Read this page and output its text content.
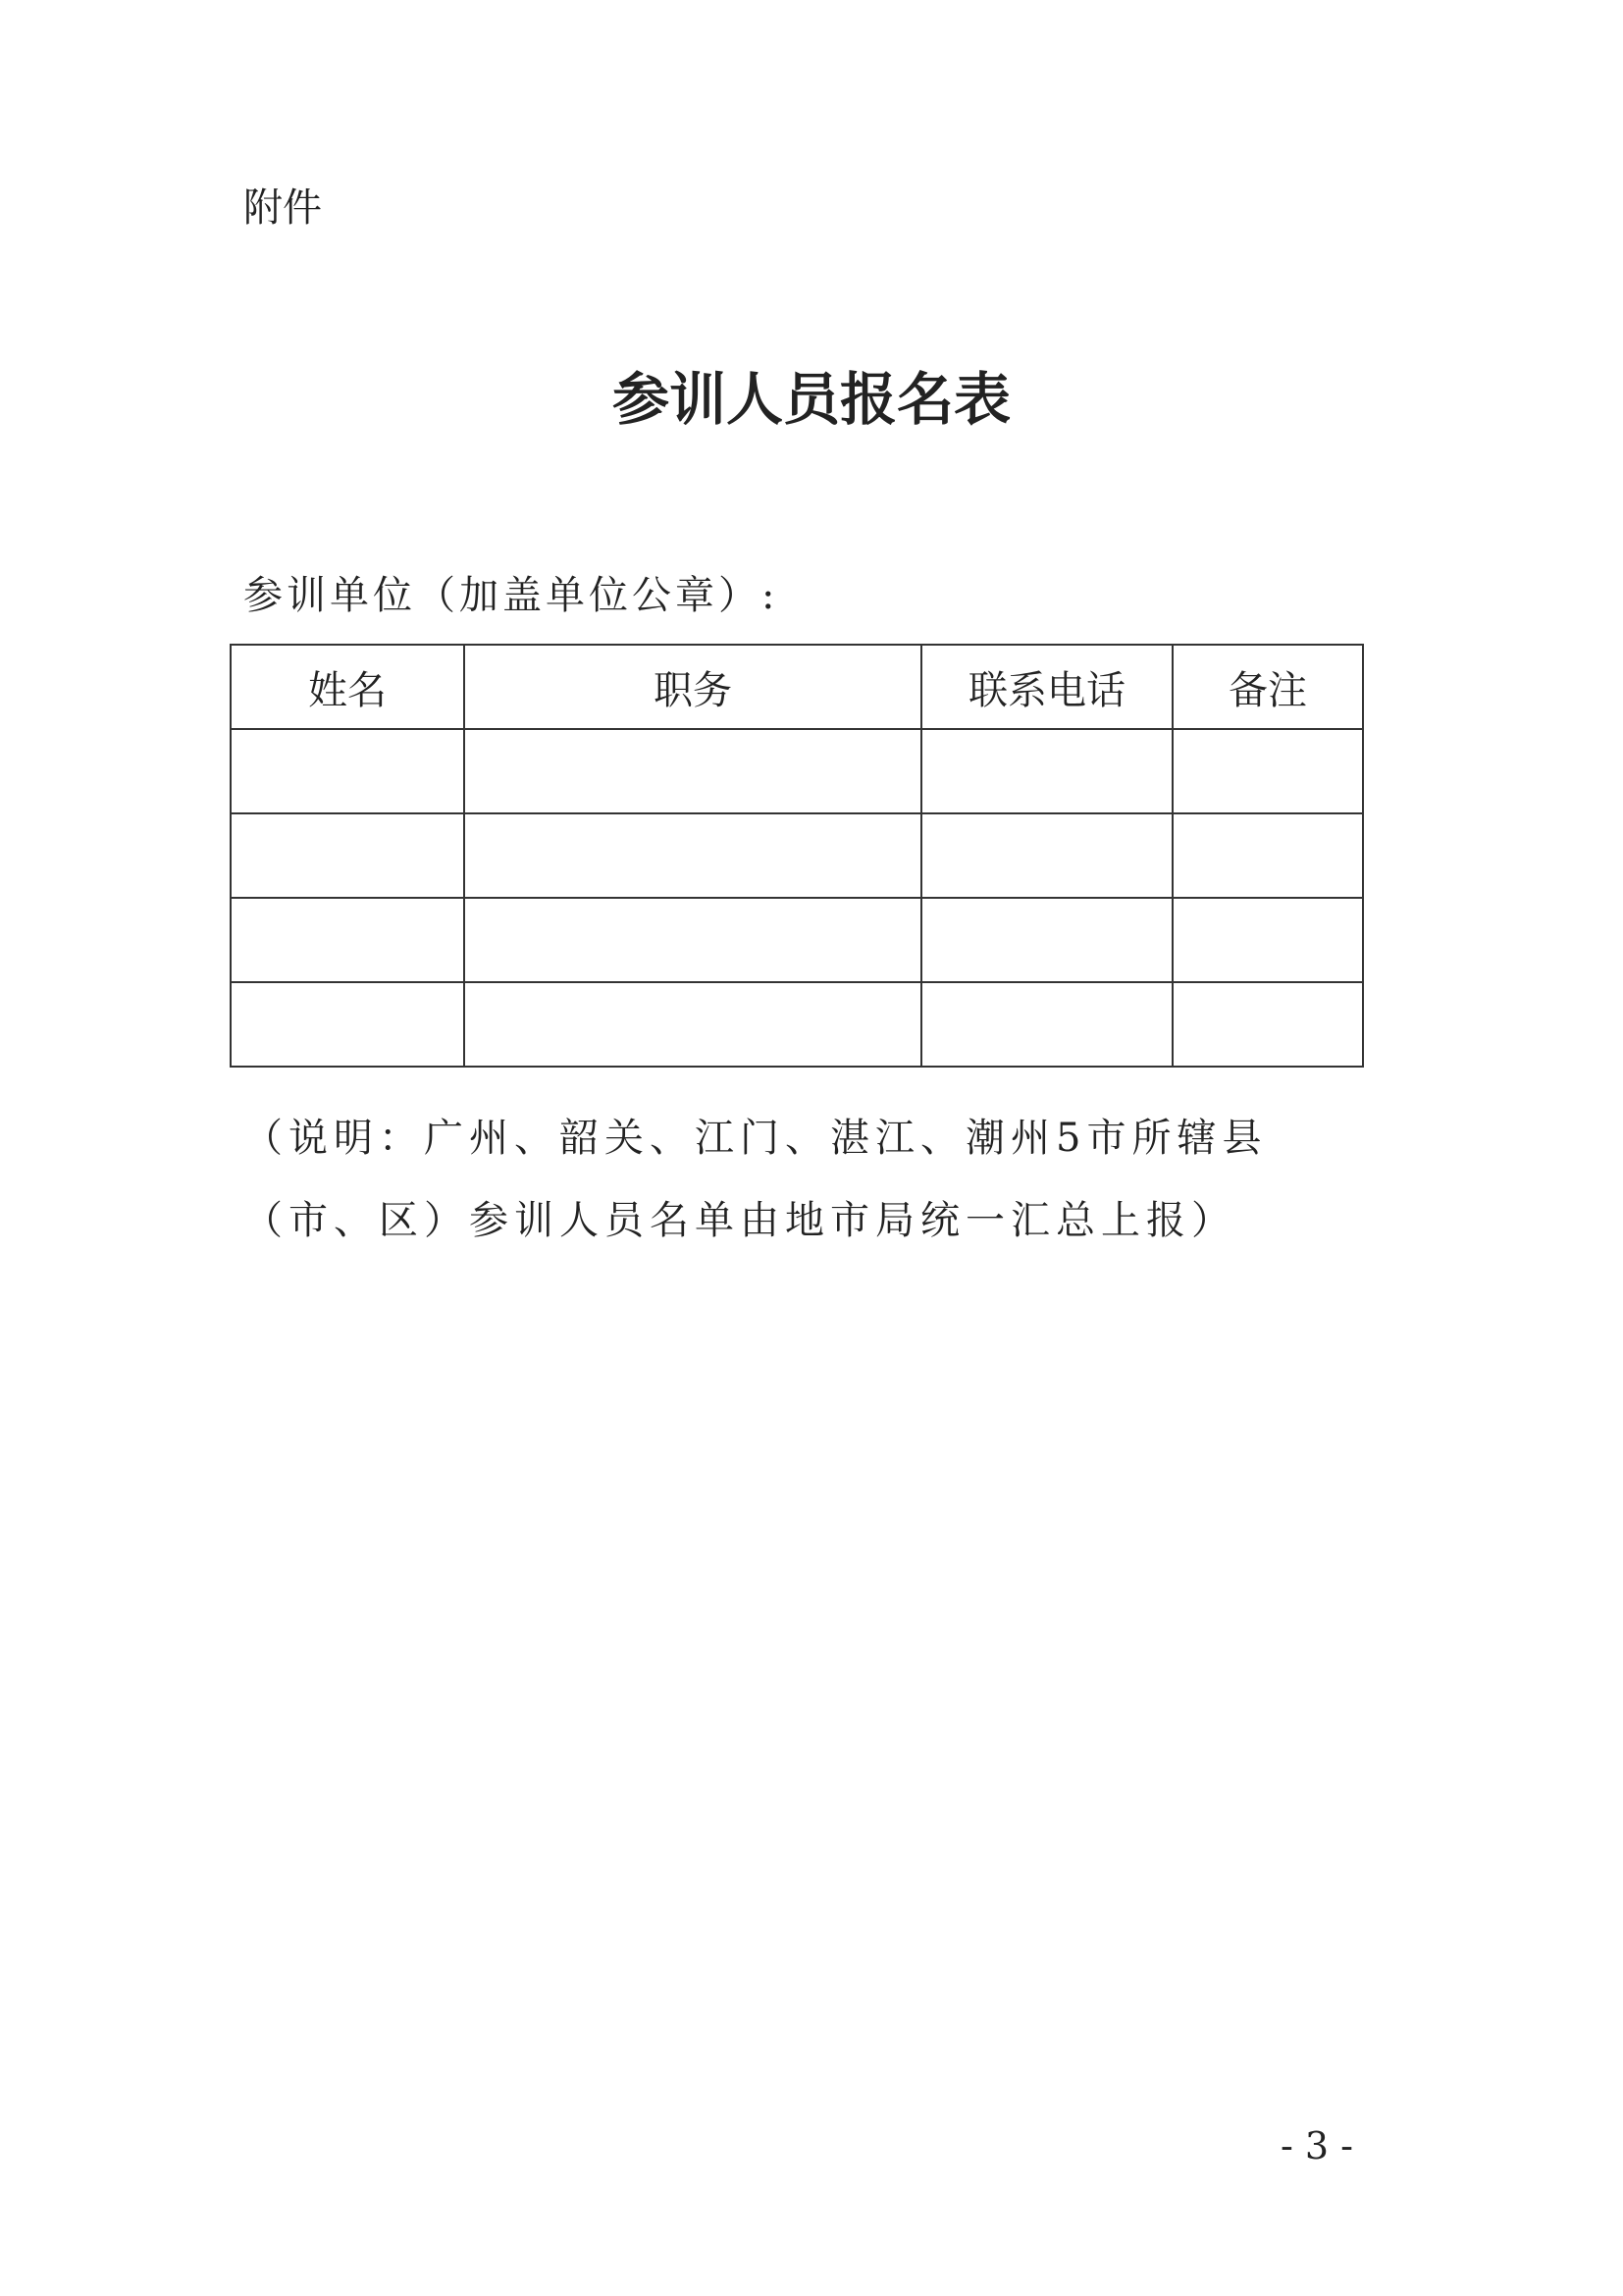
附件
参训人员报名表
参训单位（加盖单位公章）:
姓名	职务	联系电话	备注

（说明：广州、韶关、江门、湛江、潮州5市所辖县（市、区）参训人员名单由地市局统一汇总上报）
- 3 -
